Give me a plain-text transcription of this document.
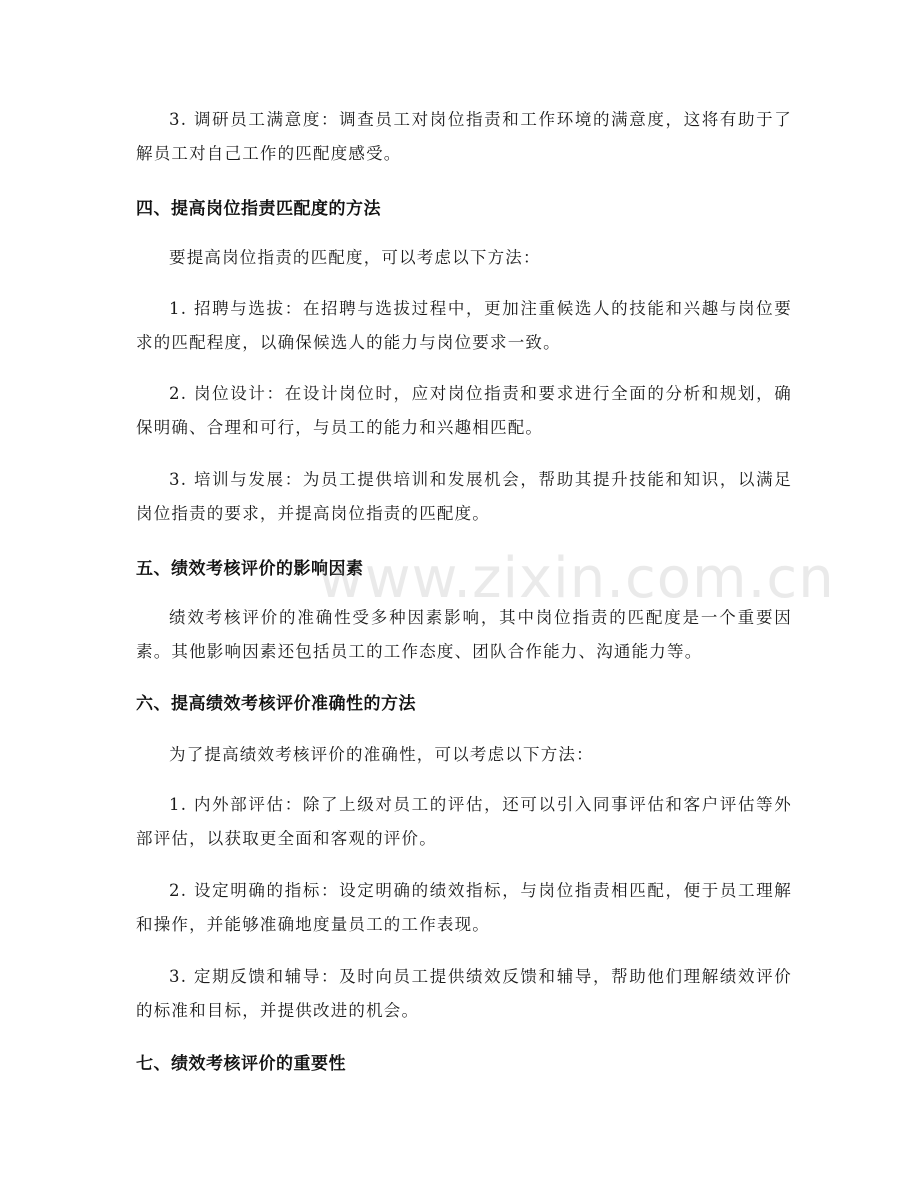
3. 调研员工满意度：调查员工对岗位指责和工作环境的满意度，这将有助于了解员工对自己工作的匹配度感受。

四、提高岗位指责匹配度的方法

要提高岗位指责的匹配度，可以考虑以下方法：

1. 招聘与选拔：在招聘与选拔过程中，更加注重候选人的技能和兴趣与岗位要求的匹配程度，以确保候选人的能力与岗位要求一致。

2. 岗位设计：在设计岗位时，应对岗位指责和要求进行全面的分析和规划，确保明确、合理和可行，与员工的能力和兴趣相匹配。

3. 培训与发展：为员工提供培训和发展机会，帮助其提升技能和知识，以满足岗位指责的要求，并提高岗位指责的匹配度。

五、绩效考核评价的影响因素

绩效考核评价的准确性受多种因素影响，其中岗位指责的匹配度是一个重要因素。其他影响因素还包括员工的工作态度、团队合作能力、沟通能力等。

六、提高绩效考核评价准确性的方法

为了提高绩效考核评价的准确性，可以考虑以下方法：

1. 内外部评估：除了上级对员工的评估，还可以引入同事评估和客户评估等外部评估，以获取更全面和客观的评价。

2. 设定明确的指标：设定明确的绩效指标，与岗位指责相匹配，便于员工理解和操作，并能够准确地度量员工的工作表现。

3. 定期反馈和辅导：及时向员工提供绩效反馈和辅导，帮助他们理解绩效评价的标准和目标，并提供改进的机会。

七、绩效考核评价的重要性
www.zixin.com.cn
